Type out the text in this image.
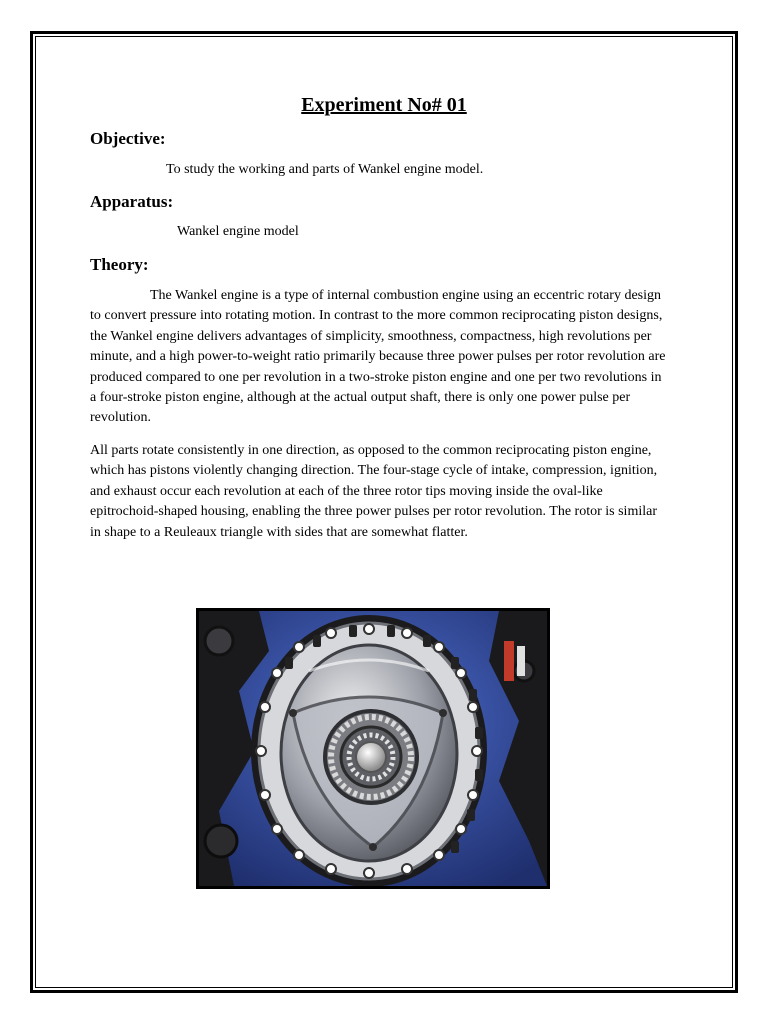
Experiment No# 01
Objective:
To study the working and parts of Wankel engine model.
Apparatus:
Wankel engine model
Theory:

The Wankel engine is a type of internal combustion engine using an eccentric rotary design to convert pressure into rotating motion. In contrast to the more common reciprocating piston designs, the Wankel engine delivers advantages of simplicity, smoothness, compactness, high revolutions per minute, and a high power-to-weight ratio primarily because three power pulses per rotor revolution are produced compared to one per revolution in a two-stroke piston engine and one per two revolutions in a four-stroke piston engine, although at the actual output shaft, there is only one power pulse per revolution.

All parts rotate consistently in one direction, as opposed to the common reciprocating piston engine, which has pistons violently changing direction. The four-stage cycle of intake, compression, ignition, and exhaust occur each revolution at each of the three rotor tips moving inside the oval-like epitrochoid-shaped housing, enabling the three power pulses per rotor revolution. The rotor is similar in shape to a Reuleaux triangle with sides that are somewhat flatter.
